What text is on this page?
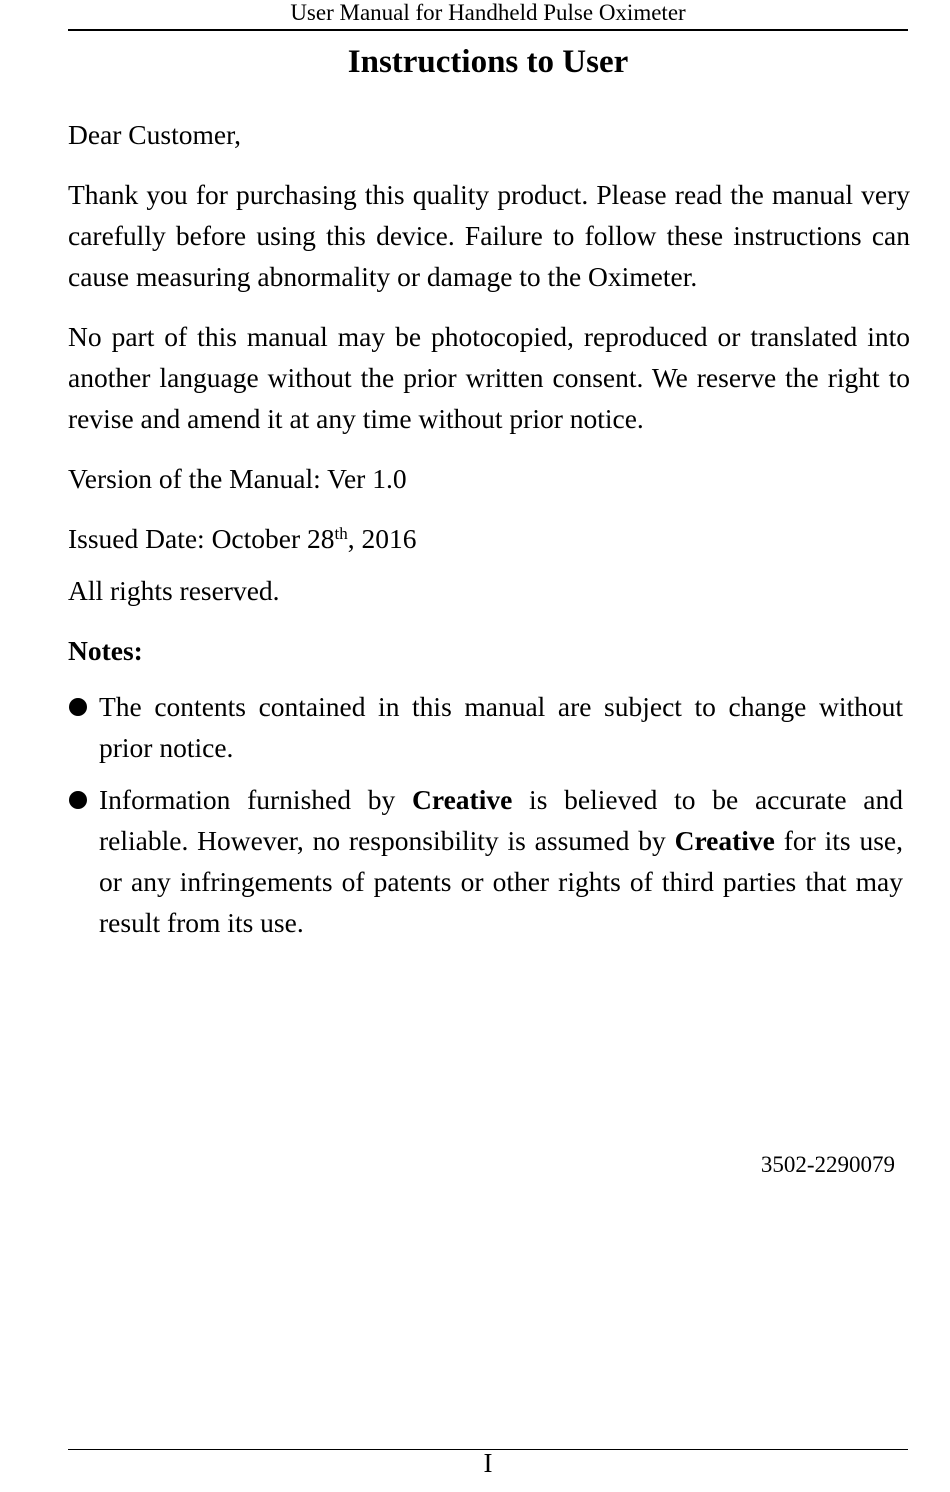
User Manual for Handheld Pulse Oximeter
Instructions to User

Dear Customer,

Thank you for purchasing this quality product. Please read the manual very carefully before using this device. Failure to follow these instructions can cause measuring abnormality or damage to the Oximeter.

No part of this manual may be photocopied, reproduced or translated into another language without the prior written consent. We reserve the right to revise and amend it at any time without prior notice.

Version of the Manual: Ver 1.0

Issued Date: October 28th, 2016

All rights reserved.

Notes:

The contents contained in this manual are subject to change without prior notice.
Information furnished by Creative is believed to be accurate and reliable. However, no responsibility is assumed by Creative for its use, or any infringements of patents or other rights of third parties that may result from its use.
3502-2290079
I
